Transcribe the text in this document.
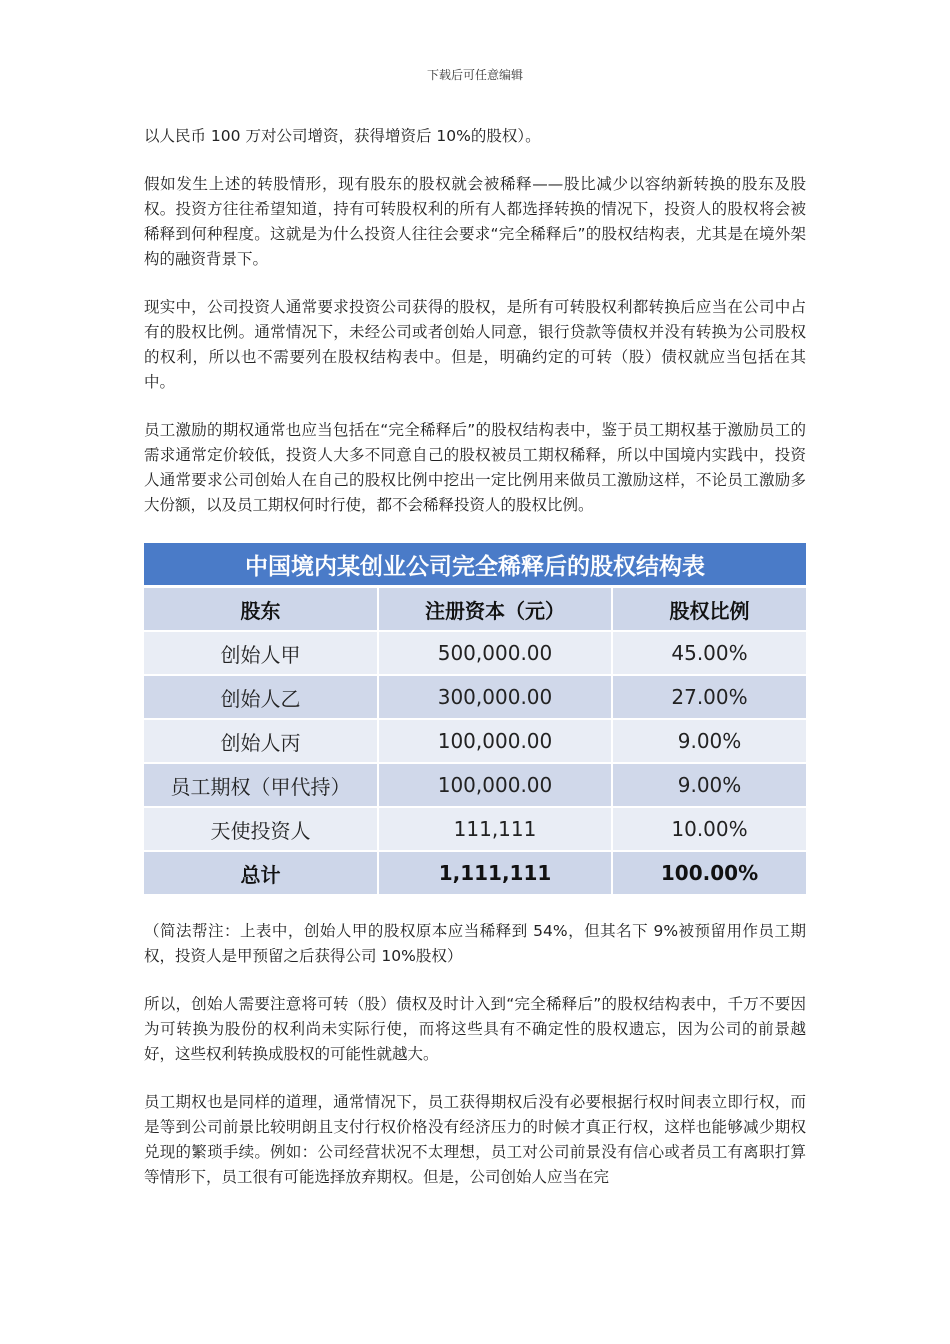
下载后可任意编辑

以人民币 100 万对公司增资，获得增资后 10%的股权）。

假如发生上述的转股情形，现有股东的股权就会被稀释——股比减少以容纳新转换的股东及股权。投资方往往希望知道，持有可转股权利的所有人都选择转换的情况下，投资人的股权将会被稀释到何种程度。这就是为什么投资人往往会要求“完全稀释后”的股权结构表，尤其是在境外架构的融资背景下。

现实中，公司投资人通常要求投资公司获得的股权，是所有可转股权利都转换后应当在公司中占有的股权比例。通常情况下，未经公司或者创始人同意，银行贷款等债权并没有转换为公司股权的权利，所以也不需要列在股权结构表中。但是，明确约定的可转（股）债权就应当包括在其中。

员工激励的期权通常也应当包括在“完全稀释后”的股权结构表中，鉴于员工期权基于激励员工的需求通常定价较低，投资人大多不同意自己的股权被员工期权稀释，所以中国境内实践中，投资人通常要求公司创始人在自己的股权比例中挖出一定比例用来做员工激励这样，不论员工激励多大份额，以及员工期权何时行使，都不会稀释投资人的股权比例。

中国境内某创业公司完全稀释后的股权结构表		
股东	注册资本（元）	股权比例
创始人甲	500,000.00	45.00%
创始人乙	300,000.00	27.00%
创始人丙	100,000.00	9.00%
员工期权（甲代持）	100,000.00	9.00%
天使投资人	111,111	10.00%
总计	1,111,111	100.00%

（简法帮注：上表中，创始人甲的股权原本应当稀释到 54%，但其名下 9%被预留用作员工期权，投资人是甲预留之后获得公司 10%股权）

所以，创始人需要注意将可转（股）债权及时计入到“完全稀释后”的股权结构表中，千万不要因为可转换为股份的权利尚未实际行使，而将这些具有不确定性的股权遗忘，因为公司的前景越好，这些权利转换成股权的可能性就越大。

员工期权也是同样的道理，通常情况下，员工获得期权后没有必要根据行权时间表立即行权，而是等到公司前景比较明朗且支付行权价格没有经济压力的时候才真正行权，这样也能够减少期权兑现的繁琐手续。例如：公司经营状况不太理想，员工对公司前景没有信心或者员工有离职打算等情形下，员工很有可能选择放弃期权。但是，公司创始人应当在完
